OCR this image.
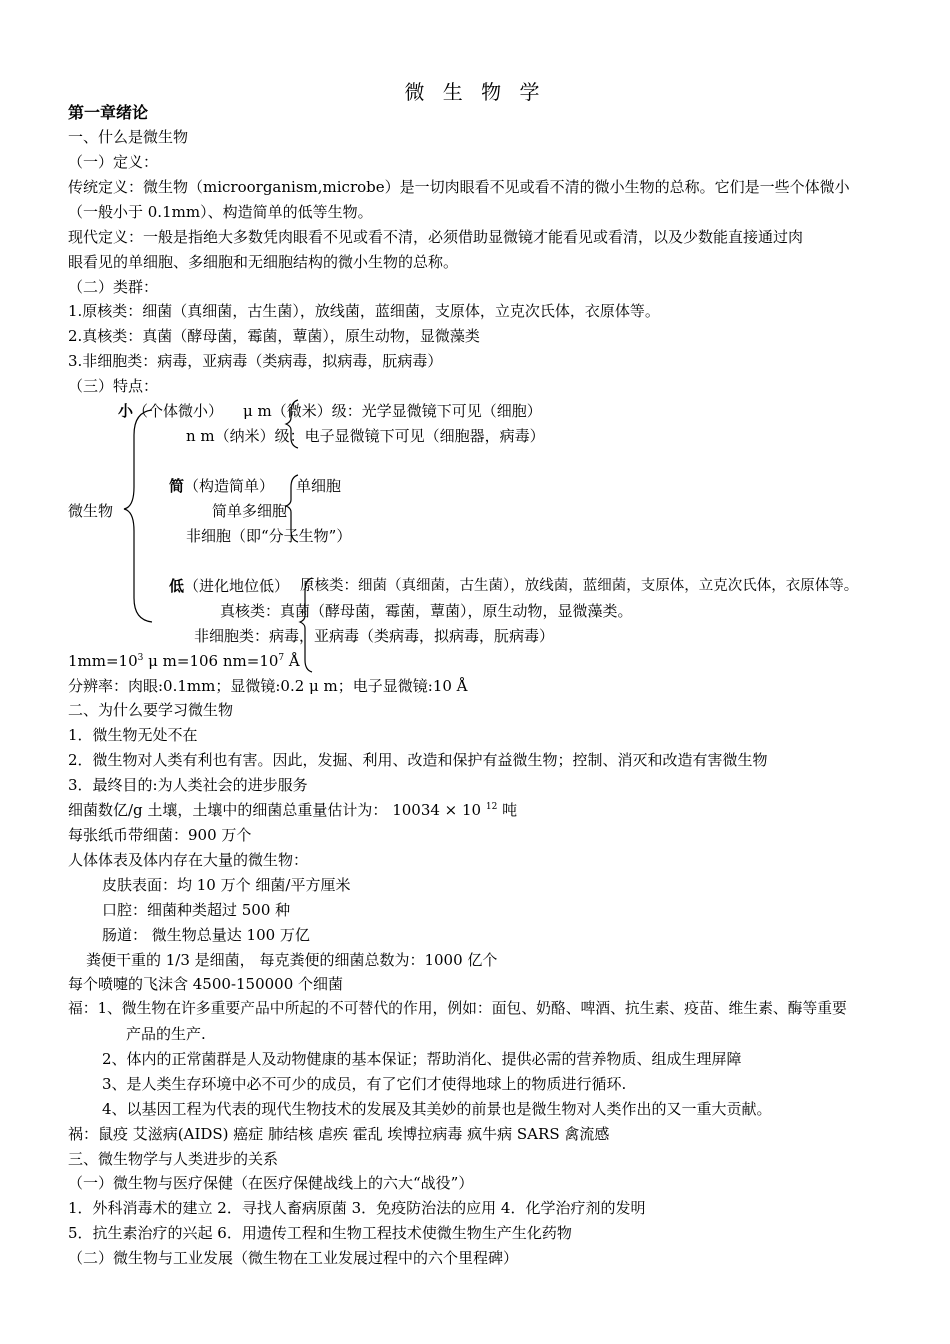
微 生 物 学
第一章绪论
一、什么是微生物
（一）定义：
传统定义：微生物（microorganism,microbe）是一切肉眼看不见或看不清的微小生物的总称。它们是一些个体微小
（一般小于 0.1mm）、构造简单的低等生物。
现代定义：一般是指绝大多数凭肉眼看不见或看不清，必须借助显微镜才能看见或看清，以及少数能直接通过肉
眼看见的单细胞、多细胞和无细胞结构的微小生物的总称。
（二）类群：
1.原核类：细菌（真细菌，古生菌），放线菌，蓝细菌，支原体，立克次氏体，衣原体等。
2.真核类：真菌（酵母菌，霉菌，蕈菌），原生动物，显微藻类
3.非细胞类：病毒，亚病毒（类病毒，拟病毒，朊病毒）
（三）特点：
小（个体微小） μ m（微米）级：光学显微镜下可见（细胞）
n m（纳米）级：电子显微镜下可见（细胞器，病毒）
简（构造简单） 单细胞
微生物	简单多细胞
非细胞（即“分子生物”）
低（进化地位低） 原核类：细菌（真细菌，古生菌），放线菌，蓝细菌，支原体，立克次氏体，衣原体等。
真核类：真菌（酵母菌，霉菌，蕈菌），原生动物，显微藻类。
非细胞类：病毒，亚病毒（类病毒，拟病毒，朊病毒）
$1mm=10^3$ μ m=106 $nm=10^7$ Å
分辨率：肉眼:0.1mm；显微镜:0.2 μ m；电子显微镜:10 Å
二、为什么要学习微生物
1．微生物无处不在
2．微生物对人类有利也有害。因此，发掘、利用、改造和保护有益微生物；控制、消灭和改造有害微生物
3．最终目的:为人类社会的进步服务
细菌数亿/g 土壤，土壤中的细菌总重量估计为： 10034 × 10 $^{12}$ 吨
每张纸币带细菌：900 万个
人体体表及体内存在大量的微生物：
皮肤表面：均 10 万个 细菌/平方厘米
口腔：细菌种类超过 500 种
肠道： 微生物总量达 100 万亿
粪便干重的 1/3 是细菌， 每克粪便的细菌总数为：1000 亿个
每个喷嚏的飞沫含 4500-150000 个细菌
福：1、微生物在许多重要产品中所起的不可替代的作用，例如：面包、奶酪、啤酒、抗生素、疫苗、维生素、酶等重要
产品的生产.
2、体内的正常菌群是人及动物健康的基本保证；帮助消化、提供必需的营养物质、组成生理屏障
3、是人类生存环境中必不可少的成员，有了它们才使得地球上的物质进行循环.
4、以基因工程为代表的现代生物技术的发展及其美妙的前景也是微生物对人类作出的又一重大贡献。
祸：鼠疫 艾滋病(AIDS) 癌症 肺结核 虐疾 霍乱 埃博拉病毒 疯牛病 SARS 禽流感
三、微生物学与人类进步的关系
（一）微生物与医疗保健（在医疗保健战线上的六大“战役”）
1．外科消毒术的建立 2．寻找人畜病原菌 3．免疫防治法的应用 4．化学治疗剂的发明
5．抗生素治疗的兴起 6．用遗传工程和生物工程技术使微生物生产生化药物
（二）微生物与工业发展（微生物在工业发展过程中的六个里程碑）
